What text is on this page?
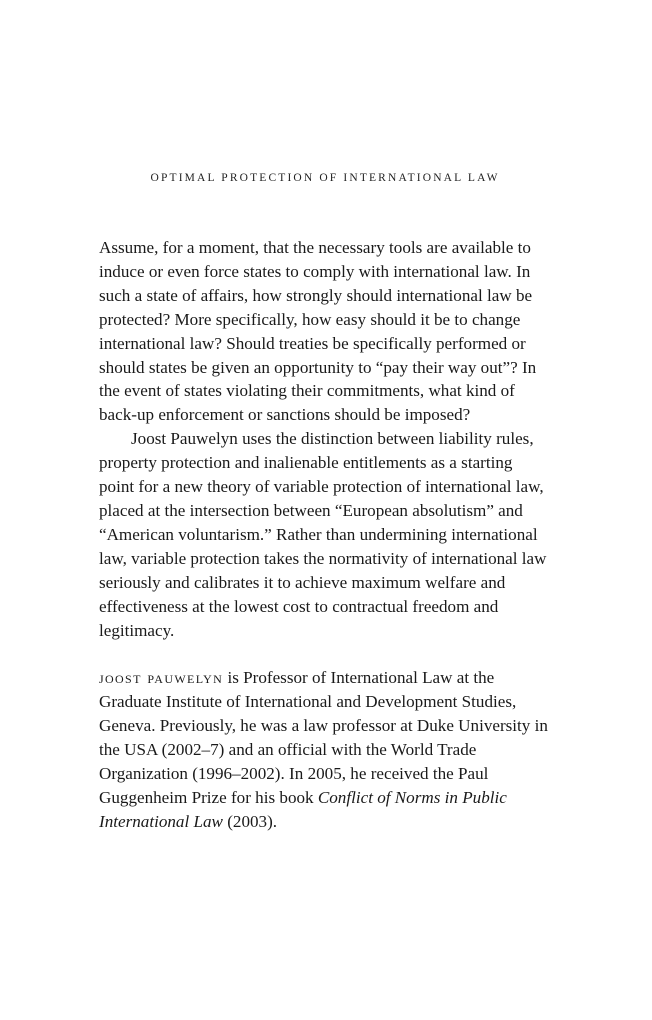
OPTIMAL PROTECTION OF INTERNATIONAL LAW

Assume, for a moment, that the necessary tools are available to induce or even force states to comply with international law. In such a state of affairs, how strongly should international law be protected? More specifically, how easy should it be to change international law? Should treaties be specifically performed or should states be given an opportunity to “pay their way out”? In the event of states violating their commitments, what kind of back-up enforcement or sanctions should be imposed?

Joost Pauwelyn uses the distinction between liability rules, property protection and inalienable entitlements as a starting point for a new theory of variable protection of international law, placed at the intersection between “European absolutism” and “American voluntarism.” Rather than undermining international law, variable protection takes the normativity of international law seriously and calibrates it to achieve maximum welfare and effectiveness at the lowest cost to contractual freedom and legitimacy.

joost pauwelyn is Professor of International Law at the Graduate Institute of International and Development Studies, Geneva. Previously, he was a law professor at Duke University in the USA (2002–7) and an official with the World Trade Organization (1996–2002). In 2005, he received the Paul Guggenheim Prize for his book Conflict of Norms in Public International Law (2003).
